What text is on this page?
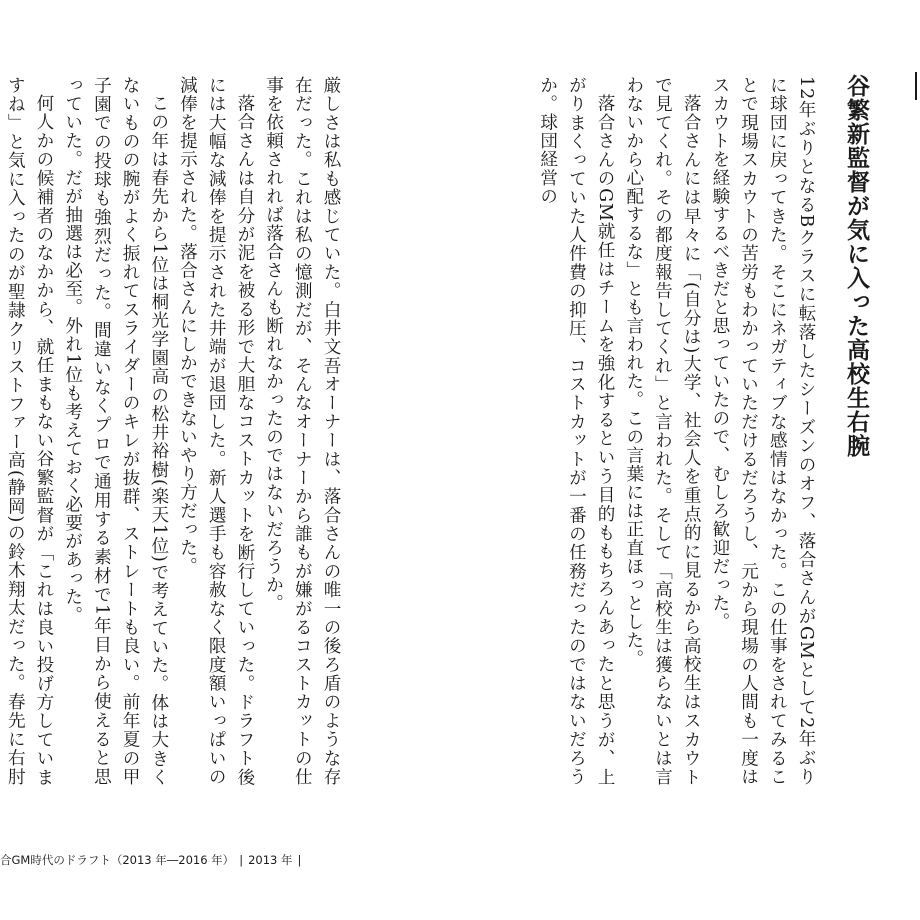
谷繁新監督が気に入った高校生右腕

12年ぶりとなるBクラスに転落したシーズンのオフ、落合さんがGMとして2年ぶりに球団に戻ってきた。そこにネガティブな感情はなかった。この仕事をされてみることで現場スカウトの苦労もわかっていただけるだろうし、元から現場の人間も一度はスカウトを経験するべきだと思っていたので、むしろ歓迎だった。

落合さんには早々に「(自分は)大学、社会人を重点的に見るから高校生はスカウトで見てくれ。その都度報告してくれ」と言われた。そして「高校生は獲らないとは言わないから心配するな」とも言われた。この言葉には正直ほっとした。

落合さんのGM就任はチームを強化するという目的ももちろんあったと思うが、上がりまくっていた人件費の抑圧、コストカットが一番の任務だったのではないだろうか。球団経営の

厳しさは私も感じていた。白井文吾オーナーは、落合さんの唯一の後ろ盾のような存在だった。これは私の憶測だが、そんなオーナーから誰もが嫌がるコストカットの仕事を依頼されれば落合さんも断れなかったのではないだろうか。

落合さんは自分が泥を被る形で大胆なコストカットを断行していった。ドラフト後には大幅な減俸を提示された井端が退団した。新人選手も容赦なく限度額いっぱいの減俸を提示された。落合さんにしかできないやり方だった。

この年は春先から1位は桐光学園高の松井裕樹(楽天1位)で考えていた。体は大きくないものの腕がよく振れてスライダーのキレが抜群、ストレートも良い。前年夏の甲子園での投球も強烈だった。間違いなくプロで通用する素材で1年目から使えると思っていた。だが抽選は必至。外れ1位も考えておく必要があった。

何人かの候補者のなかから、就任まもない谷繁監督が「これは良い投げ方していますね」と気に入ったのが聖隷クリストファー高(静岡)の鈴木翔太だった。春先に右肘

合GM時代のドラフト（2013 年―2016 年） | 2013 年 |
